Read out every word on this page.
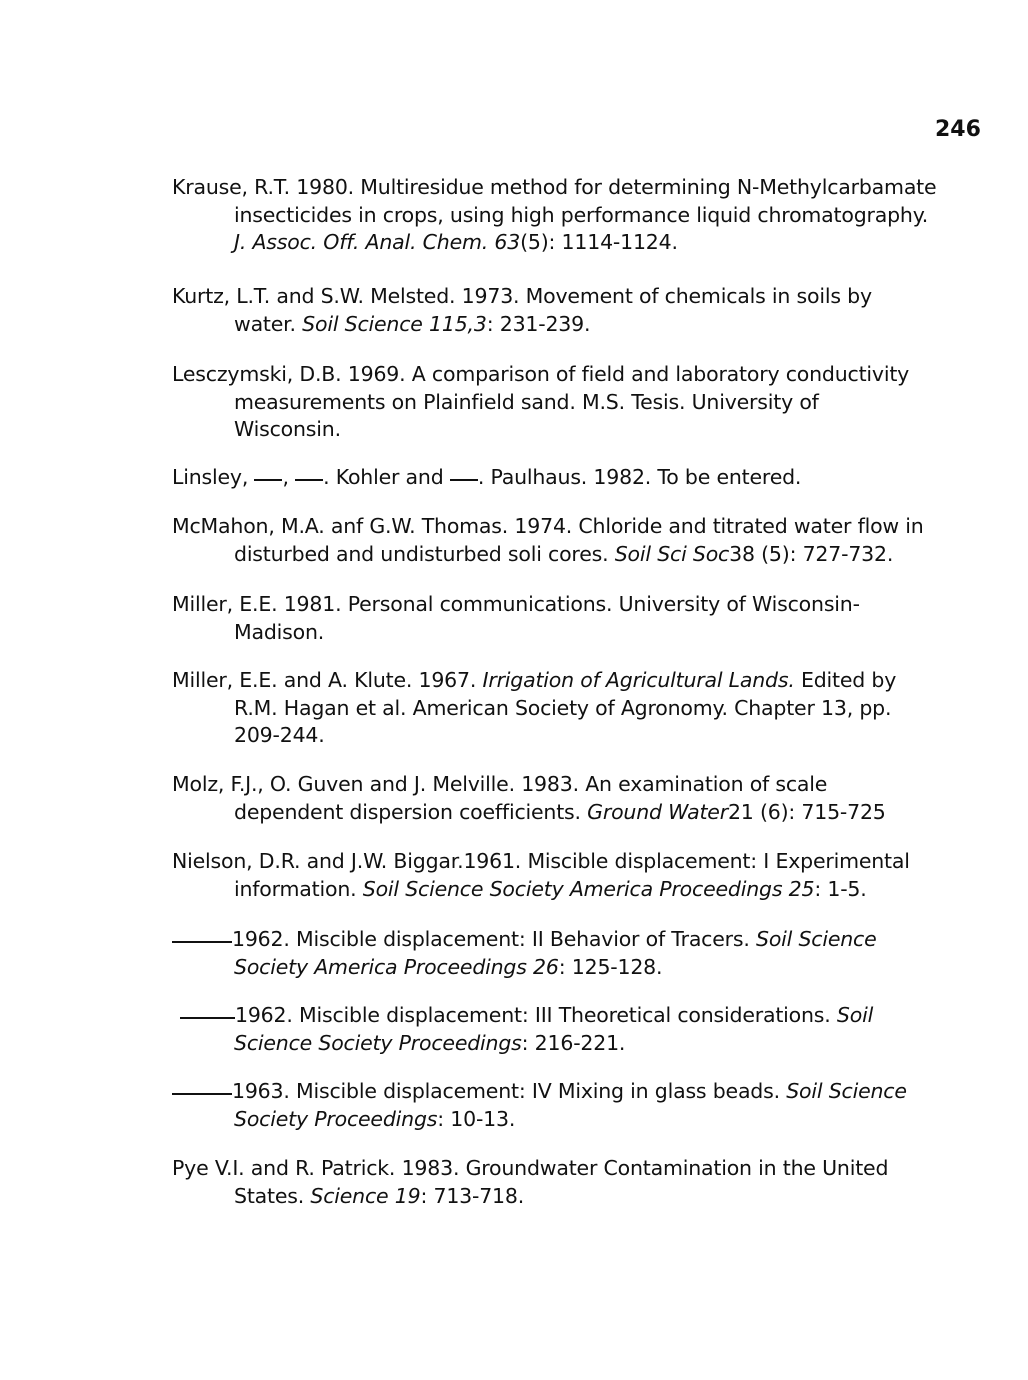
246
Krause, R.T. 1980. Multiresidue method for determining N-Methylcarbamate
insecticides in crops, using high performance liquid chromatography.
J. Assoc. Off. Anal. Chem. 63(5): 1114-1124.
Kurtz, L.T. and S.W. Melsted. 1973. Movement of chemicals in soils by
water. Soil Science 115,3: 231-239.
Lesczymski, D.B. 1969. A comparison of field and laboratory conductivity
measurements on Plainfield sand. M.S. Tesis. University of
Wisconsin.
Linsley, , . Kohler and . Paulhaus. 1982. To be entered.
McMahon, M.A. anf G.W. Thomas. 1974. Chloride and titrated water flow in
disturbed and undisturbed soli cores. Soil Sci Soc38 (5): 727-732.
Miller, E.E. 1981. Personal communications. University of Wisconsin-
Madison.
Miller, E.E. and A. Klute. 1967. Irrigation of Agricultural Lands. Edited by
R.M. Hagan et al. American Society of Agronomy. Chapter 13, pp.
209-244.
Molz, F.J., O. Guven and J. Melville. 1983. An examination of scale
dependent dispersion coefficients. Ground Water21 (6): 715-725
Nielson, D.R. and J.W. Biggar.1961. Miscible displacement: I Experimental
information. Soil Science Society America Proceedings 25: 1-5.
1962. Miscible displacement: II Behavior of Tracers. Soil Science
Society America Proceedings 26: 125-128.
1962. Miscible displacement: III Theoretical considerations. Soil
Science Society Proceedings: 216-221.
1963. Miscible displacement: IV Mixing in glass beads. Soil Science
Society Proceedings: 10-13.
Pye V.I. and R. Patrick. 1983. Groundwater Contamination in the United
States. Science 19: 713-718.
